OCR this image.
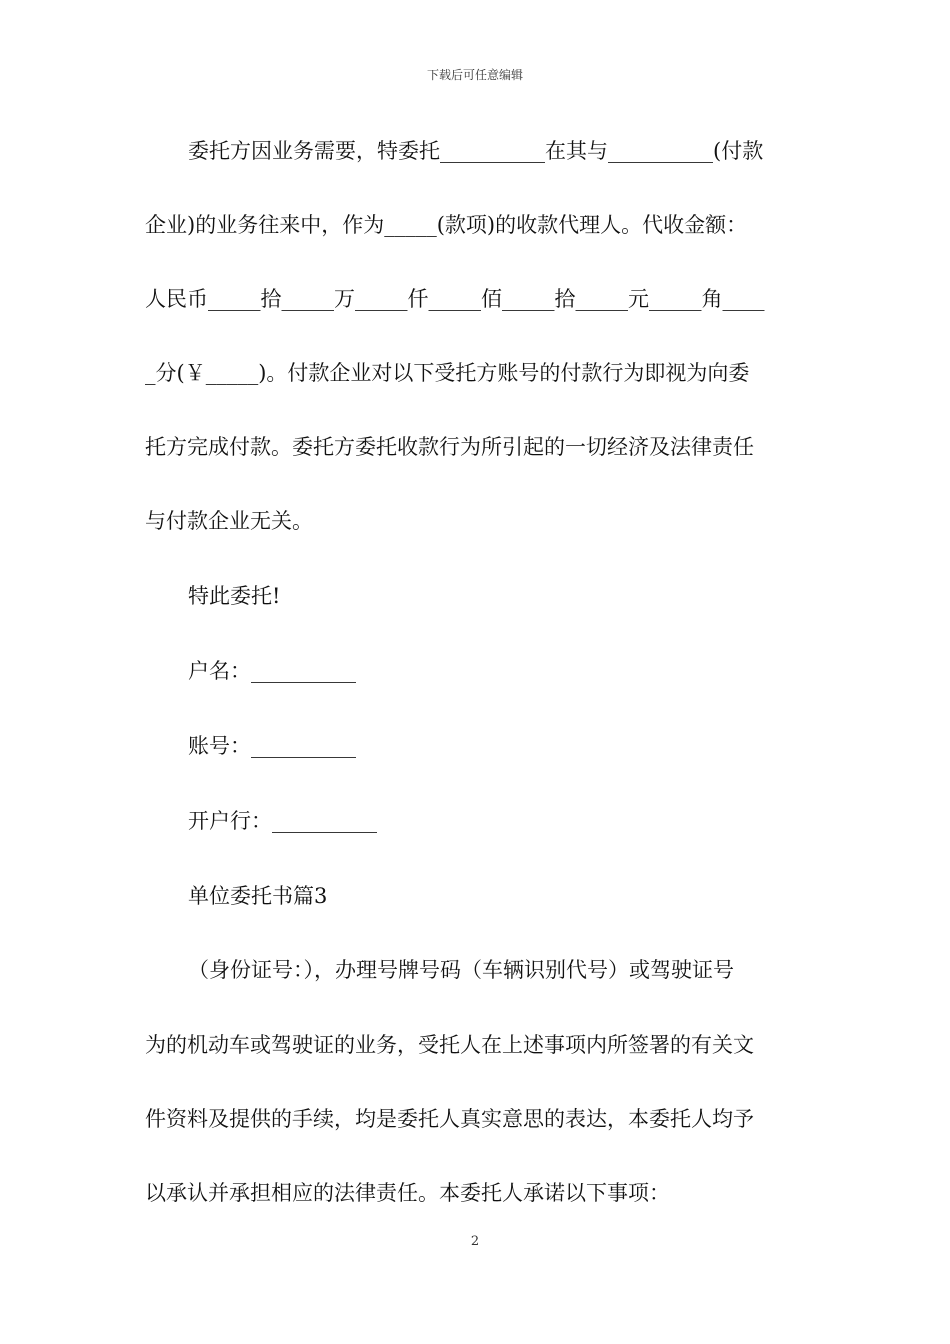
下载后可任意编辑
委托方因业务需要，特委托__________在其与__________(付款
企业)的业务往来中，作为_____(款项)的收款代理人。代收金额：
人民币_____拾_____万_____仟_____佰_____拾_____元_____角____
_分(￥_____)。付款企业对以下受托方账号的付款行为即视为向委
托方完成付款。委托方委托收款行为所引起的一切经济及法律责任
与付款企业无关。
特此委托!
户名：__________
账号：__________
开户行：__________
单位委托书篇3
（身份证号：），办理号牌号码（车辆识别代号）或驾驶证号
为的机动车或驾驶证的业务，受托人在上述事项内所签署的有关文
件资料及提供的手续，均是委托人真实意思的表达，本委托人均予
以承认并承担相应的法律责任。本委托人承诺以下事项：
2
